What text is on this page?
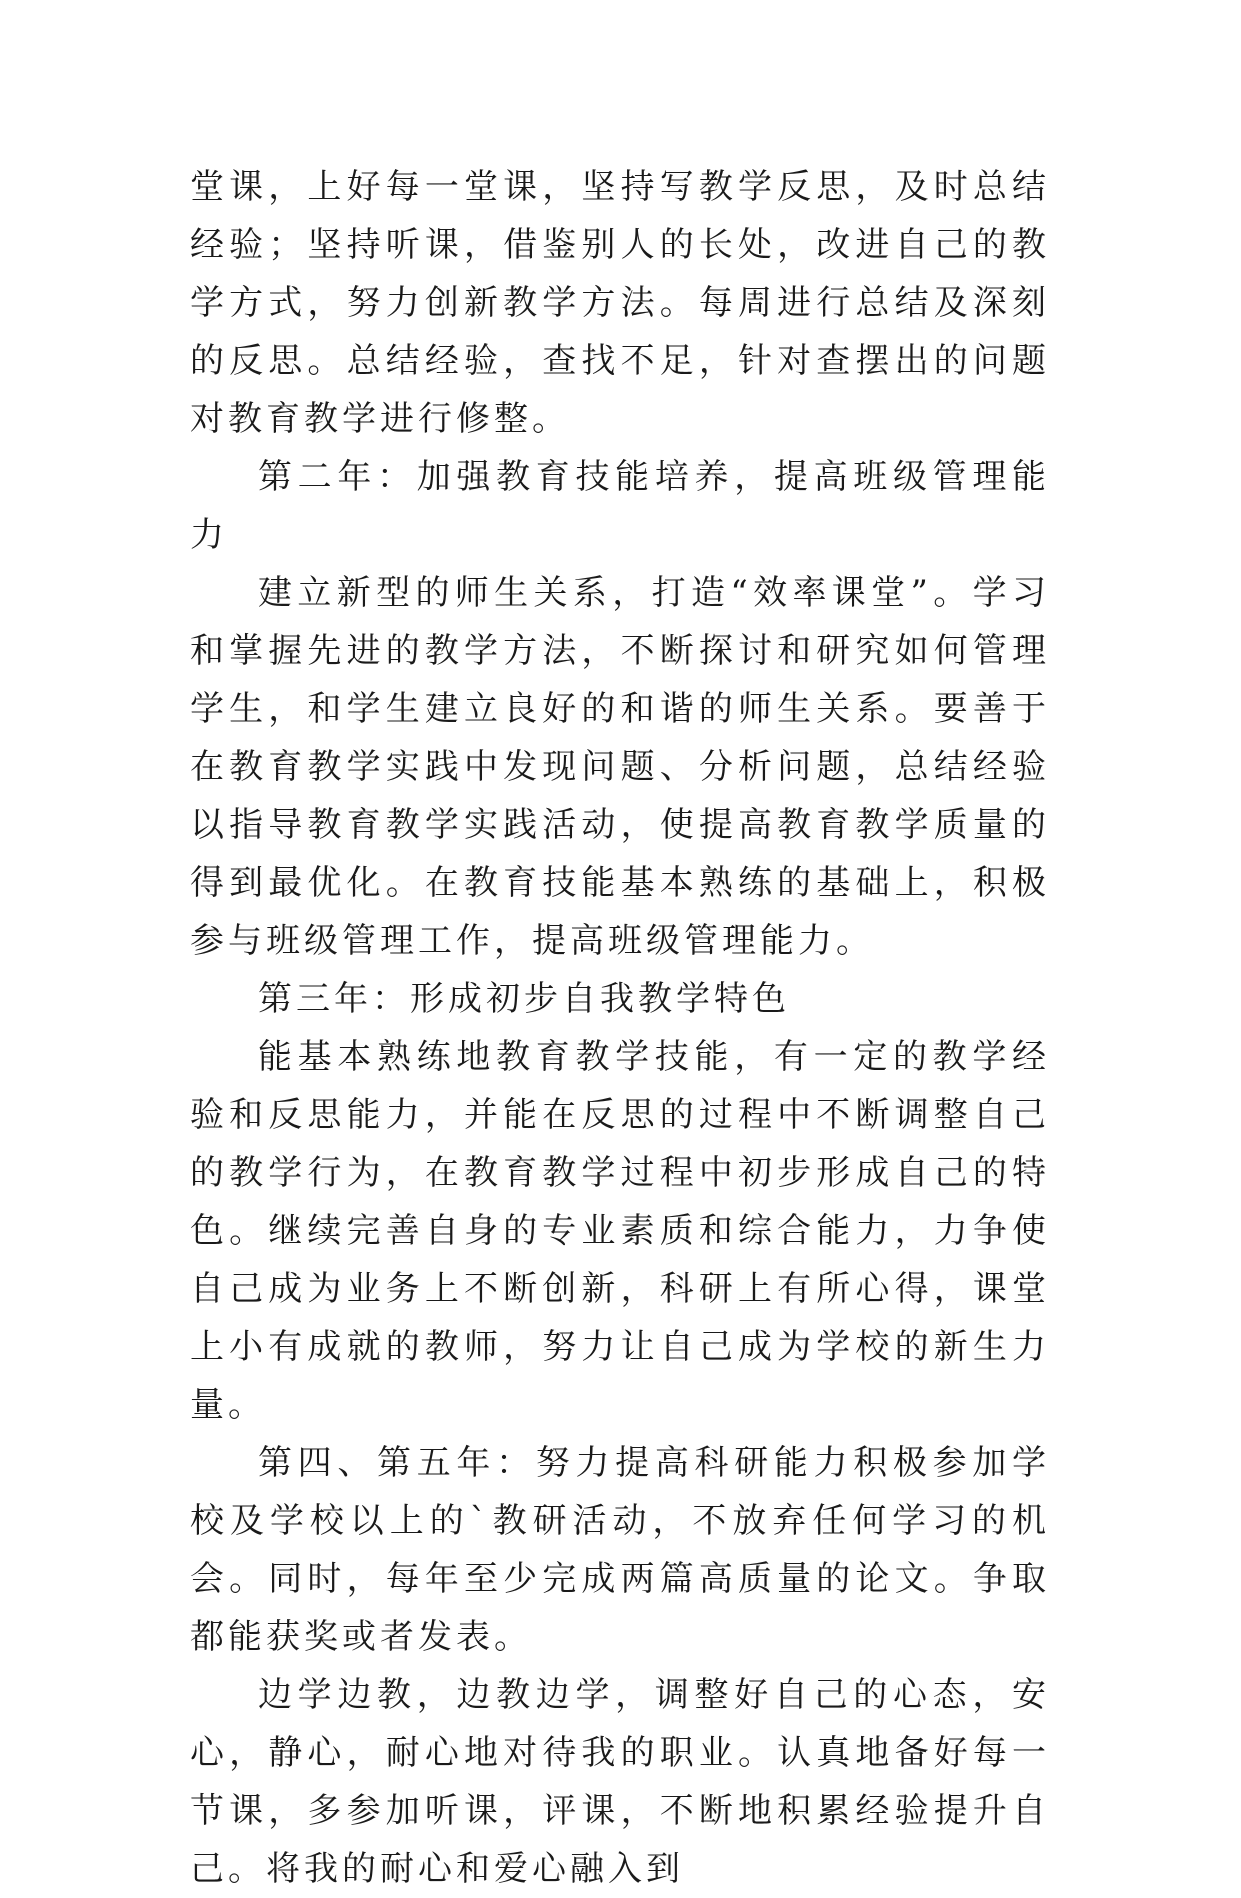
堂课，上好每一堂课，坚持写教学反思，及时总结经验；坚持听课，借鉴别人的长处，改进自己的教学方式，努力创新教学方法。每周进行总结及深刻的反思。总结经验，查找不足，针对查摆出的问题对教育教学进行修整。

第二年：加强教育技能培养，提高班级管理能力

建立新型的师生关系，打造“效率课堂”。学习和掌握先进的教学方法，不断探讨和研究如何管理学生，和学生建立良好的和谐的师生关系。要善于在教育教学实践中发现问题、分析问题，总结经验以指导教育教学实践活动，使提高教育教学质量的得到最优化。在教育技能基本熟练的基础上，积极参与班级管理工作，提高班级管理能力。

第三年：形成初步自我教学特色

能基本熟练地教育教学技能，有一定的教学经验和反思能力，并能在反思的过程中不断调整自己的教学行为，在教育教学过程中初步形成自己的特色。继续完善自身的专业素质和综合能力，力争使自己成为业务上不断创新，科研上有所心得，课堂上小有成就的教师，努力让自己成为学校的新生力量。

第四、第五年：努力提高科研能力积极参加学校及学校以上的`教研活动，不放弃任何学习的机会。同时，每年至少完成两篇高质量的论文。争取都能获奖或者发表。

边学边教，边教边学，调整好自己的心态，安心，静心，耐心地对待我的职业。认真地备好每一节课，多参加听课，评课，不断地积累经验提升自己。将我的耐心和爱心融入到
